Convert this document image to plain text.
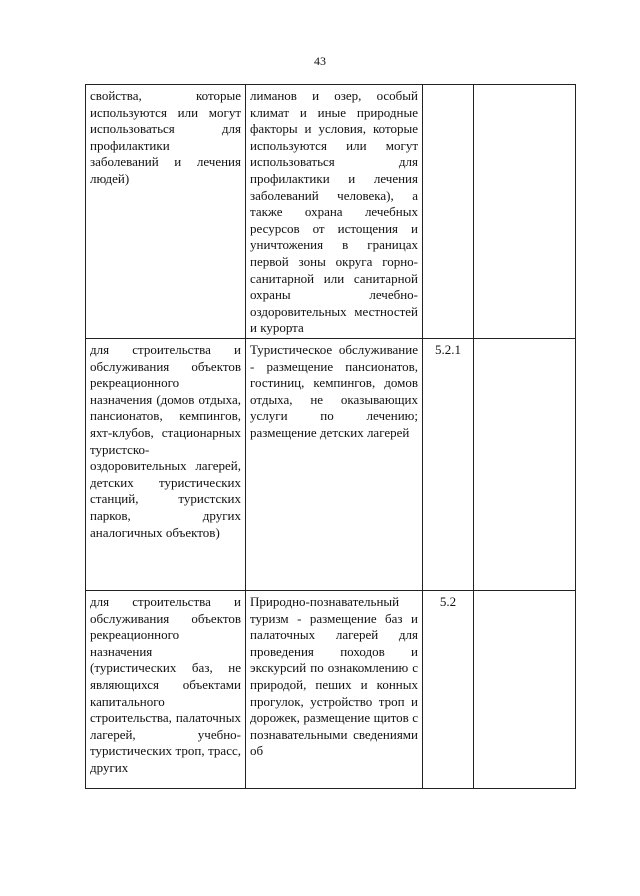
43
свойства, которые используются или могут использоваться для профилактики заболеваний и лечения людей)	лиманов и озер, особый климат и иные природные факторы и условия, которые используются или могут использоваться для профилактики и лечения заболеваний человека), а также охрана лечебных ресурсов от истощения и уничтожения в границах первой зоны округа горно-санитарной или санитарной охраны лечебно-оздоровительных местностей и курорта		
для строительства и обслуживания объектов рекреационного назначения (домов отдыха, пансионатов, кемпингов, яхт-клубов, стационарных туристско-оздоровительных лагерей, детских туристических станций, туристских парков, других аналогичных объектов)	Туристическое обслуживание - размещение пансионатов, гостиниц, кемпингов, домов отдыха, не оказывающих услуги по лечению; размещение детских лагерей	5.2.1	
для строительства и обслуживания объектов рекреационного назначения (туристических баз, не являющихся объектами капитального строительства, палаточных лагерей, учебно-туристических троп, трасс, других	Природно-познавательный туризм - размещение баз и палаточных лагерей для проведения походов и экскурсий по ознакомлению с природой, пеших и конных прогулок, устройство троп и дорожек, размещение щитов с познавательными сведениями об	5.2	
